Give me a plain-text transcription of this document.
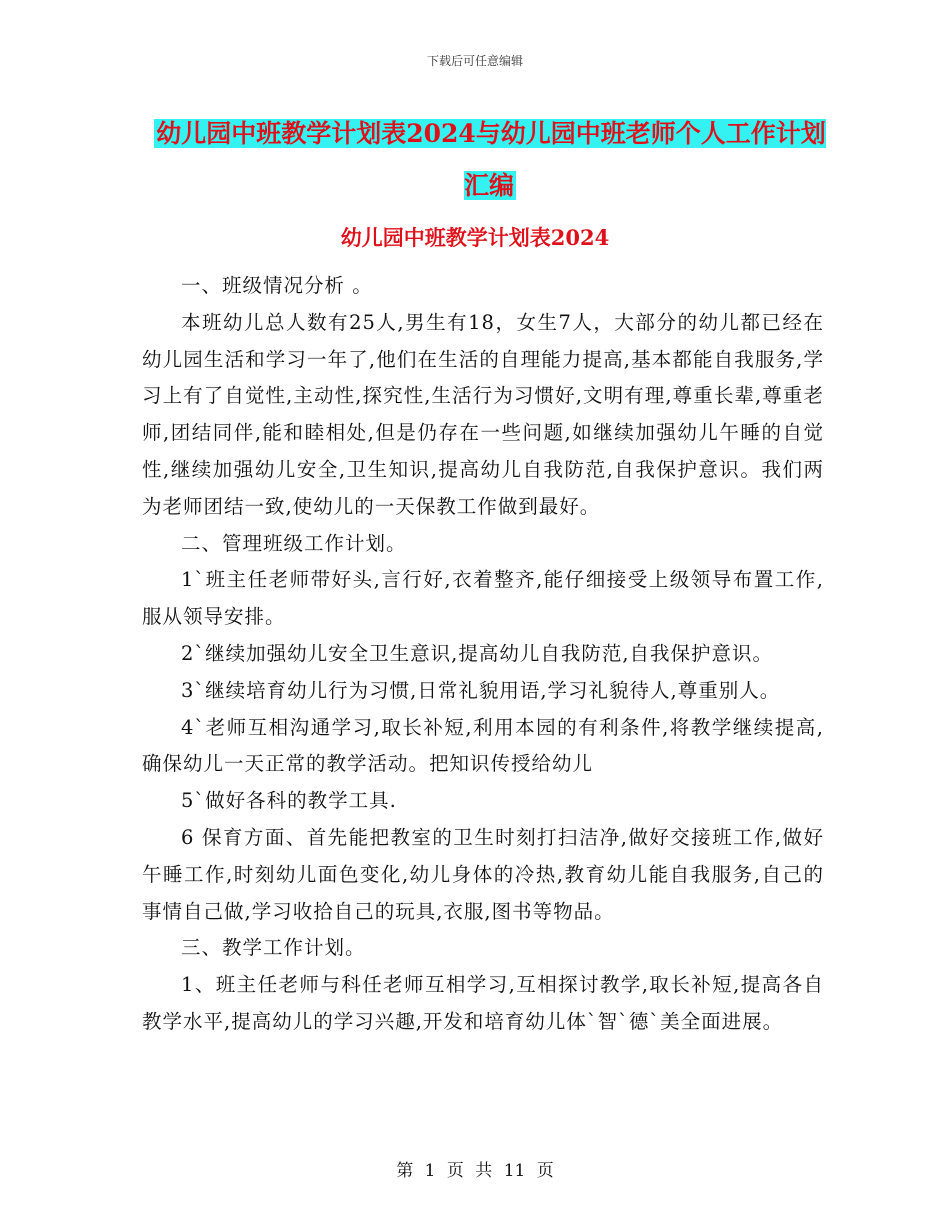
下载后可任意编辑
幼儿园中班教学计划表2024与幼儿园中班老师个人工作计划汇编
幼儿园中班教学计划表2024

一、班级情况分析 。

本班幼儿总人数有25人,男生有18，女生7人，大部分的幼儿都已经在幼儿园生活和学习一年了,他们在生活的自理能力提高,基本都能自我服务,学习上有了自觉性,主动性,探究性,生活行为习惯好,文明有理,尊重长辈,尊重老师,团结同伴,能和睦相处,但是仍存在一些问题,如继续加强幼儿午睡的自觉性,继续加强幼儿安全,卫生知识,提高幼儿自我防范,自我保护意识。我们两为老师团结一致,使幼儿的一天保教工作做到最好。

二、管理班级工作计划。

1`班主任老师带好头,言行好,衣着整齐,能仔细接受上级领导布置工作,服从领导安排。

2`继续加强幼儿安全卫生意识,提高幼儿自我防范,自我保护意识。

3`继续培育幼儿行为习惯,日常礼貌用语,学习礼貌待人,尊重别人。

4`老师互相沟通学习,取长补短,利用本园的有利条件,将教学继续提高,确保幼儿一天正常的教学活动。把知识传授给幼儿

5`做好各科的教学工具.

6 保育方面、首先能把教室的卫生时刻打扫洁净,做好交接班工作,做好午睡工作,时刻幼儿面色变化,幼儿身体的冷热,教育幼儿能自我服务,自己的事情自己做,学习收拾自己的玩具,衣服,图书等物品。

三、教学工作计划。

1、班主任老师与科任老师互相学习,互相探讨教学,取长补短,提高各自教学水平,提高幼儿的学习兴趣,开发和培育幼儿体`智`德`美全面进展。

第 1 页 共 11 页
